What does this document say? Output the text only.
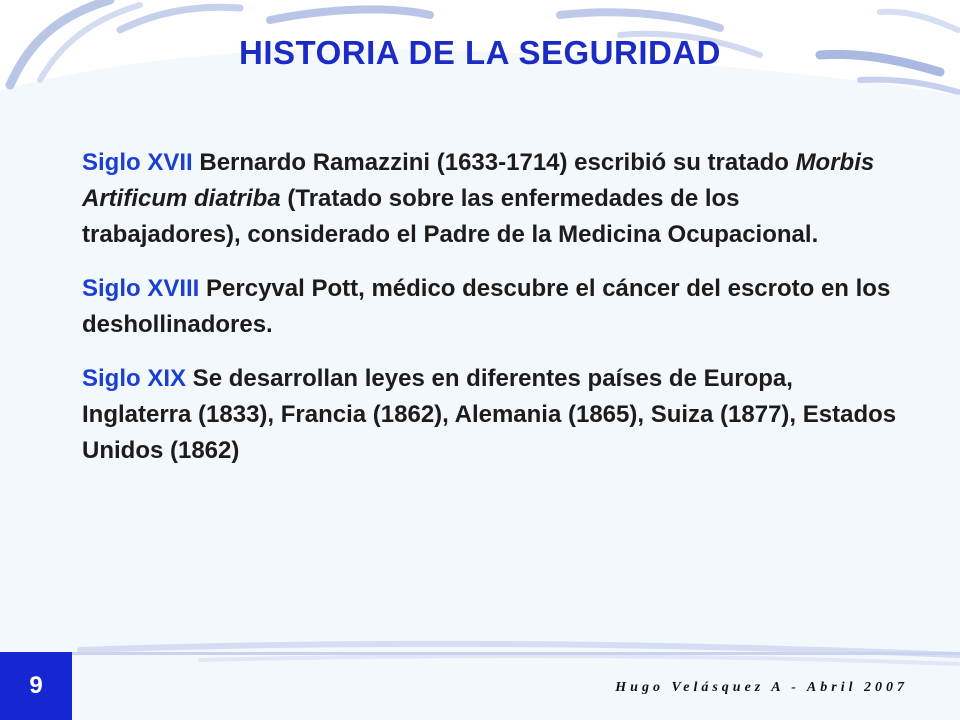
HISTORIA DE LA SEGURIDAD

Siglo XVII Bernardo Ramazzini (1633-1714) escribió su tratado Morbis Artificum diatriba (Tratado sobre las enfermedades de los trabajadores), considerado el Padre de la Medicina Ocupacional.

Siglo XVIII Percyval Pott, médico descubre el cáncer del escroto en los deshollinadores.

Siglo XIX Se desarrollan leyes en diferentes países de Europa, Inglaterra (1833), Francia (1862), Alemania (1865), Suiza (1877), Estados Unidos (1862)

9	Hugo Velásquez A - Abril 2007
